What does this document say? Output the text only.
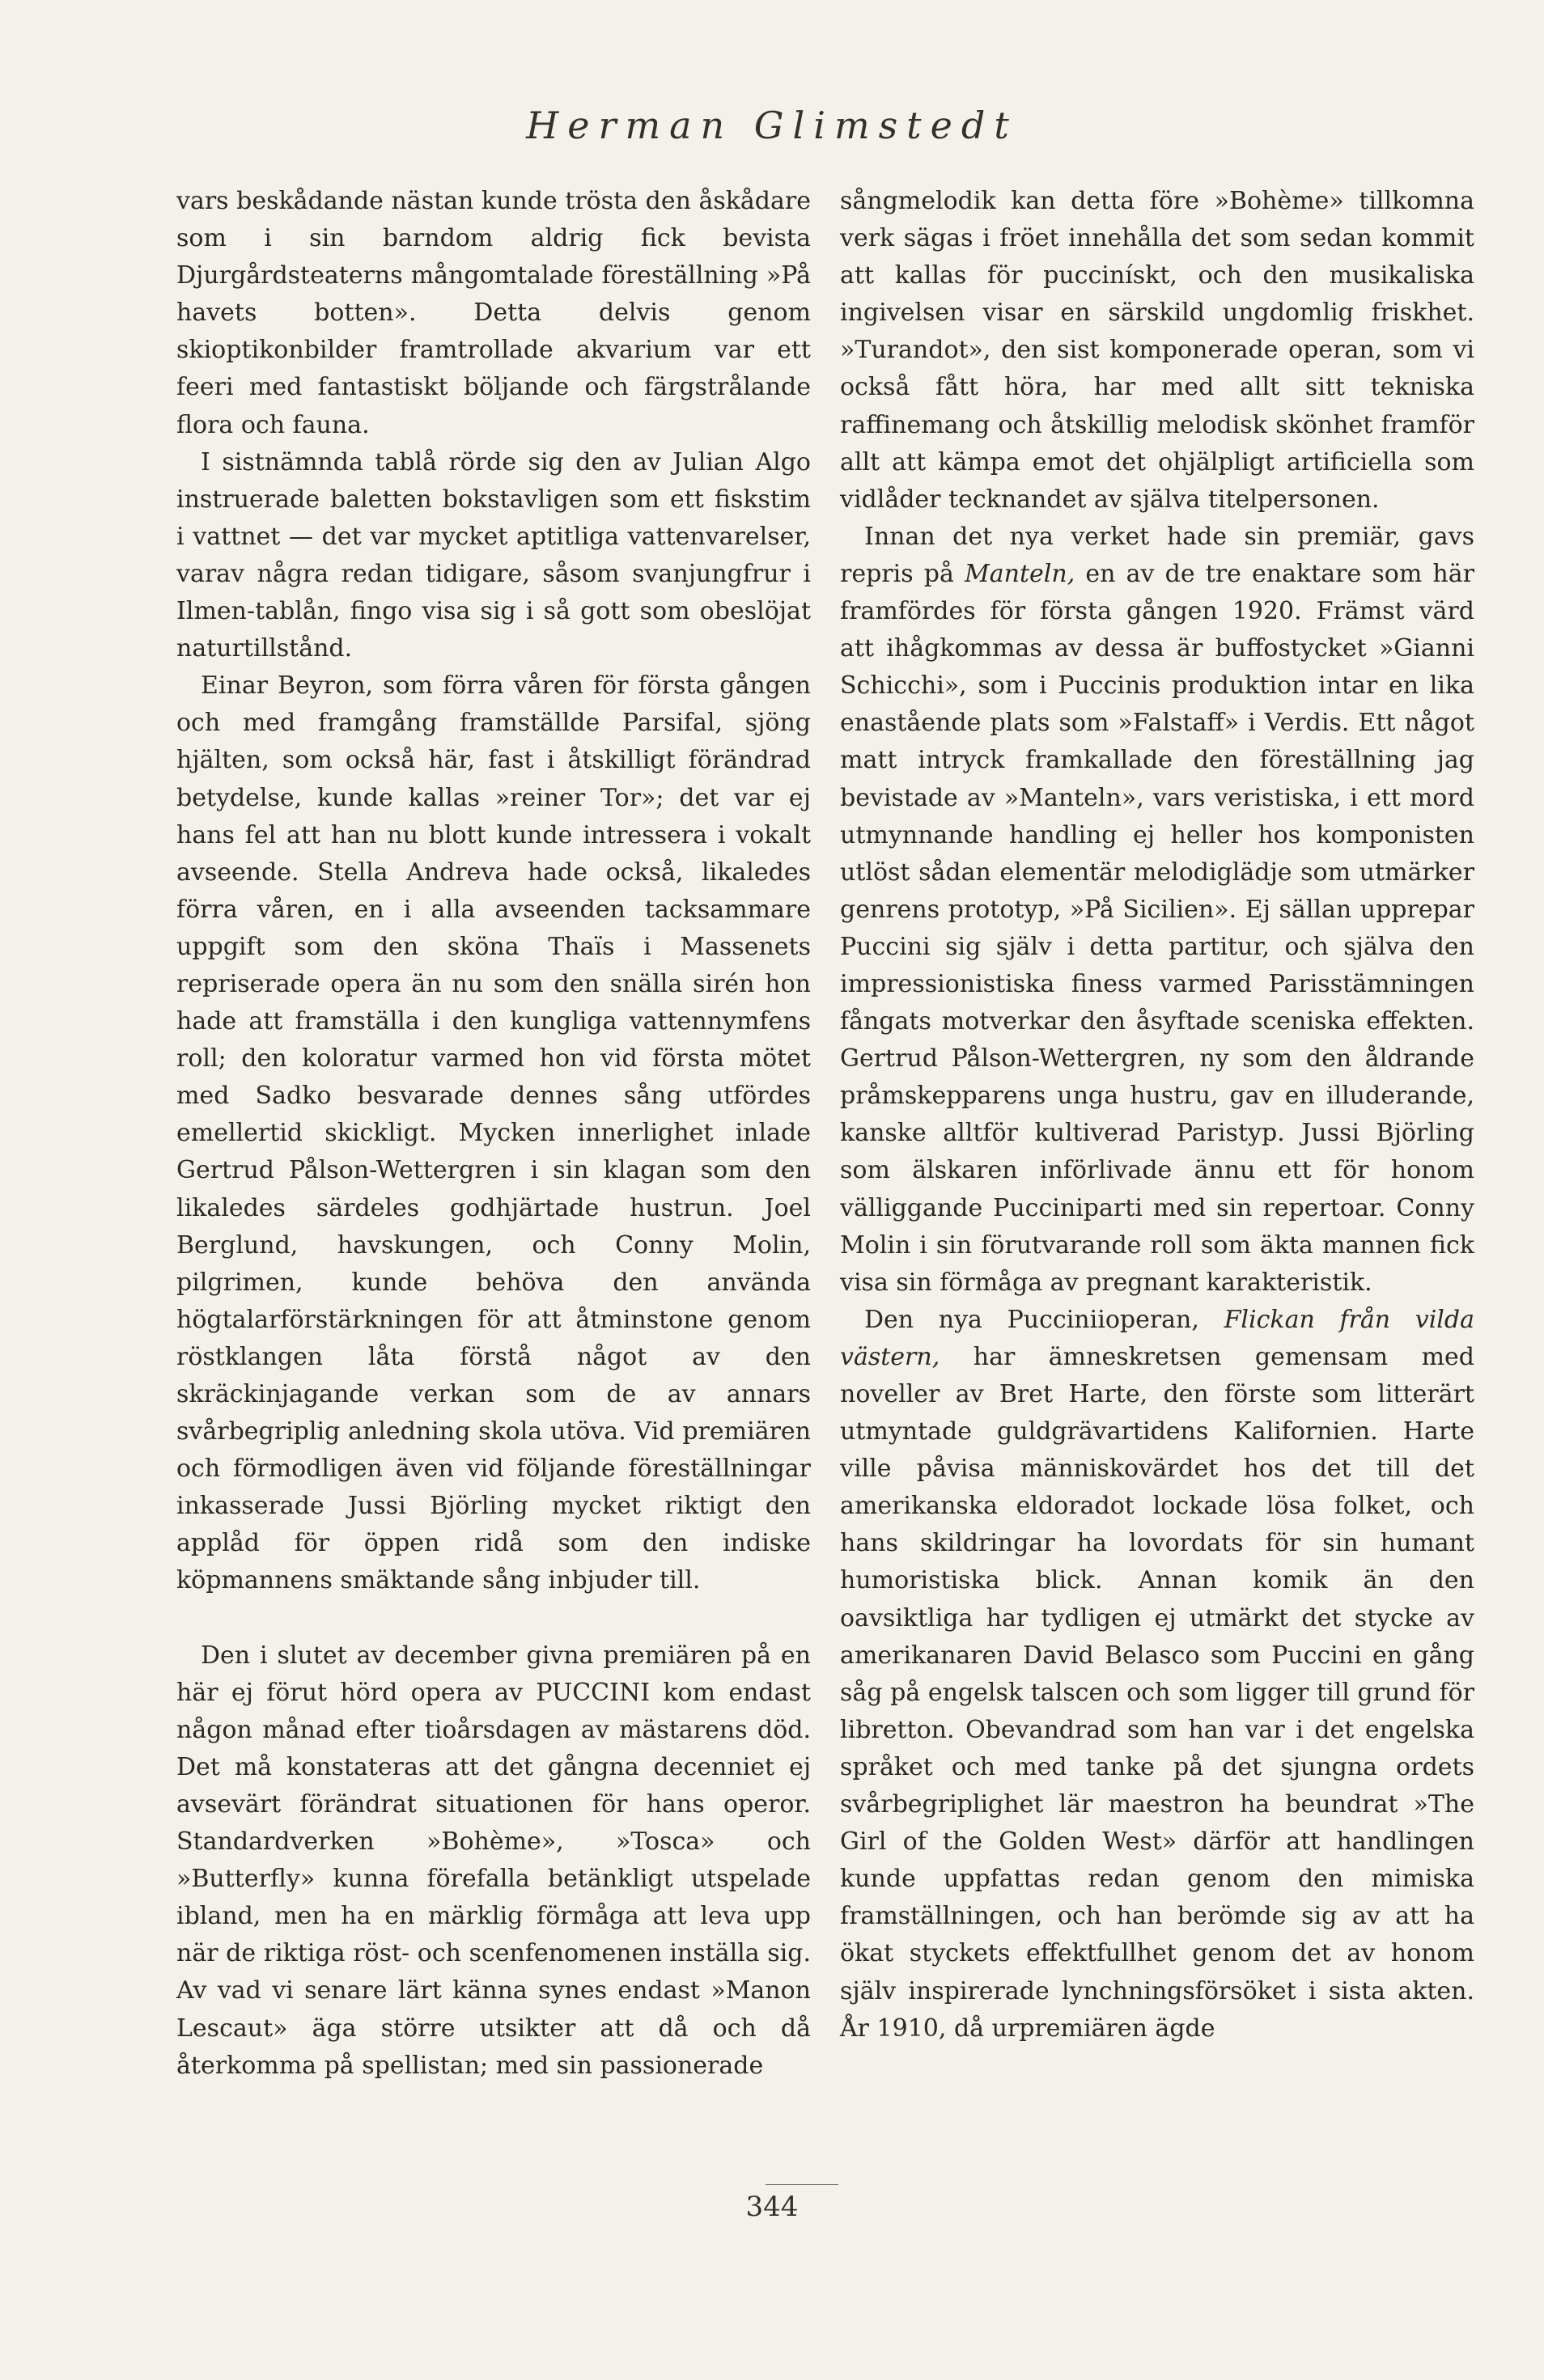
Herman Glimstedt

vars beskådande nästan kunde trösta den åskådare som i sin barndom aldrig fick bevista Djurgårdsteaterns mångomtalade föreställning »På havets botten». Detta delvis genom skioptikonbilder framtrollade akvarium var ett feeri med fantastiskt böljande och färgstrålande flora och fauna.

I sistnämnda tablå rörde sig den av Julian Algo instruerade baletten bokstavligen som ett fiskstim i vattnet — det var mycket aptitliga vattenvarelser, varav några redan tidigare, såsom svanjungfrur i Ilmen-tablån, fingo visa sig i så gott som obeslöjat naturtillstånd.

Einar Beyron, som förra våren för första gången och med framgång framställde Parsifal, sjöng hjälten, som också här, fast i åtskilligt förändrad betydelse, kunde kallas »reiner Tor»; det var ej hans fel att han nu blott kunde intressera i vokalt avseende. Stella Andreva hade också, likaledes förra våren, en i alla avseenden tacksammare uppgift som den sköna Thaïs i Massenets repriserade opera än nu som den snälla sirén hon hade att framställa i den kungliga vattennymfens roll; den koloratur varmed hon vid första mötet med Sadko besvarade dennes sång utfördes emellertid skickligt. Mycken innerlighet inlade Gertrud Pålson-Wettergren i sin klagan som den likaledes särdeles godhjärtade hustrun. Joel Berglund, havskungen, och Conny Molin, pilgrimen, kunde behöva den använda högtalarförstärkningen för att åtminstone genom röstklangen låta förstå något av den skräckinjagande verkan som de av annars svårbegriplig anledning skola utöva. Vid premiären och förmodligen även vid följande föreställningar inkasserade Jussi Björling mycket riktigt den applåd för öppen ridå som den indiske köpmannens smäktande sång inbjuder till.

Den i slutet av december givna premiären på en här ej förut hörd opera av PUCCINI kom endast någon månad efter tioårsdagen av mästarens död. Det må konstateras att det gångna decenniet ej avsevärt förändrat situationen för hans operor. Standardverken »Bohème», »Tosca» och »Butterfly» kunna förefalla betänkligt utspelade ibland, men ha en märklig förmåga att leva upp när de riktiga röst- och scenfenomenen inställa sig. Av vad vi senare lärt känna synes endast »Manon Lescaut» äga större utsikter att då och då återkomma på spellistan; med sin passionerade

sångmelodik kan detta före »Bohème» tillkomna verk sägas i fröet innehålla det som sedan kommit att kallas för puccinískt, och den musikaliska ingivelsen visar en särskild ungdomlig friskhet. »Turandot», den sist komponerade operan, som vi också fått höra, har med allt sitt tekniska raffinemang och åtskillig melodisk skönhet framför allt att kämpa emot det ohjälpligt artificiella som vidlåder tecknandet av själva titelpersonen.

Innan det nya verket hade sin premiär, gavs repris på Manteln, en av de tre enaktare som här framfördes för första gången 1920. Främst värd att ihågkommas av dessa är buffostycket »Gianni Schicchi», som i Puccinis produktion intar en lika enastående plats som »Falstaff» i Verdis. Ett något matt intryck framkallade den föreställning jag bevistade av »Manteln», vars veristiska, i ett mord utmynnande handling ej heller hos komponisten utlöst sådan elementär melodiglädje som utmärker genrens prototyp, »På Sicilien». Ej sällan upprepar Puccini sig själv i detta partitur, och själva den impressionistiska finess varmed Parisstämningen fångats motverkar den åsyftade sceniska effekten. Gertrud Pålson-Wettergren, ny som den åldrande pråmskepparens unga hustru, gav en illuderande, kanske alltför kultiverad Paristyp. Jussi Björling som älskaren införlivade ännu ett för honom välliggande Pucciniparti med sin repertoar. Conny Molin i sin förutvarande roll som äkta mannen fick visa sin förmåga av pregnant karakteristik.

Den nya Pucciniioperan, Flickan från vilda västern, har ämneskretsen gemensam med noveller av Bret Harte, den förste som litterärt utmyntade guldgrävartidens Kalifornien. Harte ville påvisa människovärdet hos det till det amerikanska eldoradot lockade lösa folket, och hans skildringar ha lovordats för sin humant humoristiska blick. Annan komik än den oavsiktliga har tydligen ej utmärkt det stycke av amerikanaren David Belasco som Puccini en gång såg på engelsk talscen och som ligger till grund för libretton. Obevandrad som han var i det engelska språket och med tanke på det sjungna ordets svårbegriplighet lär maestron ha beundrat »The Girl of the Golden West» därför att handlingen kunde uppfattas redan genom den mimiska framställningen, och han berömde sig av att ha ökat styckets effektfullhet genom det av honom själv inspirerade lynchningsförsöket i sista akten. År 1910, då urpremiären ägde

344
